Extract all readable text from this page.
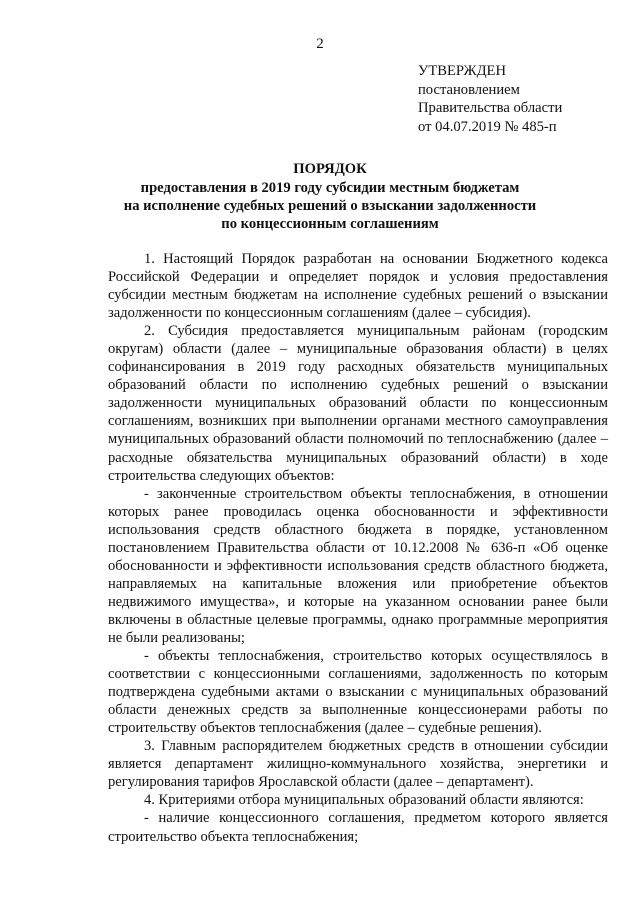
2
УТВЕРЖДЕН
постановлением
Правительства области
от 04.07.2019 № 485-п
ПОРЯДОК
предоставления в 2019 году субсидии местным бюджетам
на исполнение судебных решений о взыскании задолженности
по концессионным соглашениям

1. Настоящий Порядок разработан на основании Бюджетного кодекса Российской Федерации и определяет порядок и условия предоставления субсидии местным бюджетам на исполнение судебных решений о взыскании задолженности по концессионным соглашениям (далее – субсидия).

2. Субсидия предоставляется муниципальным районам (городским округам) области (далее – муниципальные образования области) в целях софинансирования в 2019 году расходных обязательств муниципальных образований области по исполнению судебных решений о взыскании задолженности муниципальных образований области по концессионным соглашениям, возникших при выполнении органами местного самоуправления муниципальных образований области полномочий по теплоснабжению (далее – расходные обязательства муниципальных образований области) в ходе строительства следующих объектов:

- законченные строительством объекты теплоснабжения, в отношении которых ранее проводилась оценка обоснованности и эффективности использования средств областного бюджета в порядке, установленном постановлением Правительства области от 10.12.2008 № 636-п «Об оценке обоснованности и эффективности использования средств областного бюджета, направляемых на капитальные вложения или приобретение объектов недвижимого имущества», и которые на указанном основании ранее были включены в областные целевые программы, однако программные мероприятия не были реализованы;

- объекты теплоснабжения, строительство которых осуществлялось в соответствии с концессионными соглашениями, задолженность по которым подтверждена судебными актами о взыскании с муниципальных образований области денежных средств за выполненные концессионерами работы по строительству объектов теплоснабжения (далее – судебные решения).

3. Главным распорядителем бюджетных средств в отношении субсидии является департамент жилищно-коммунального хозяйства, энергетики и регулирования тарифов Ярославской области (далее – департамент).

4. Критериями отбора муниципальных образований области являются:

- наличие концессионного соглашения, предметом которого является строительство объекта теплоснабжения;
